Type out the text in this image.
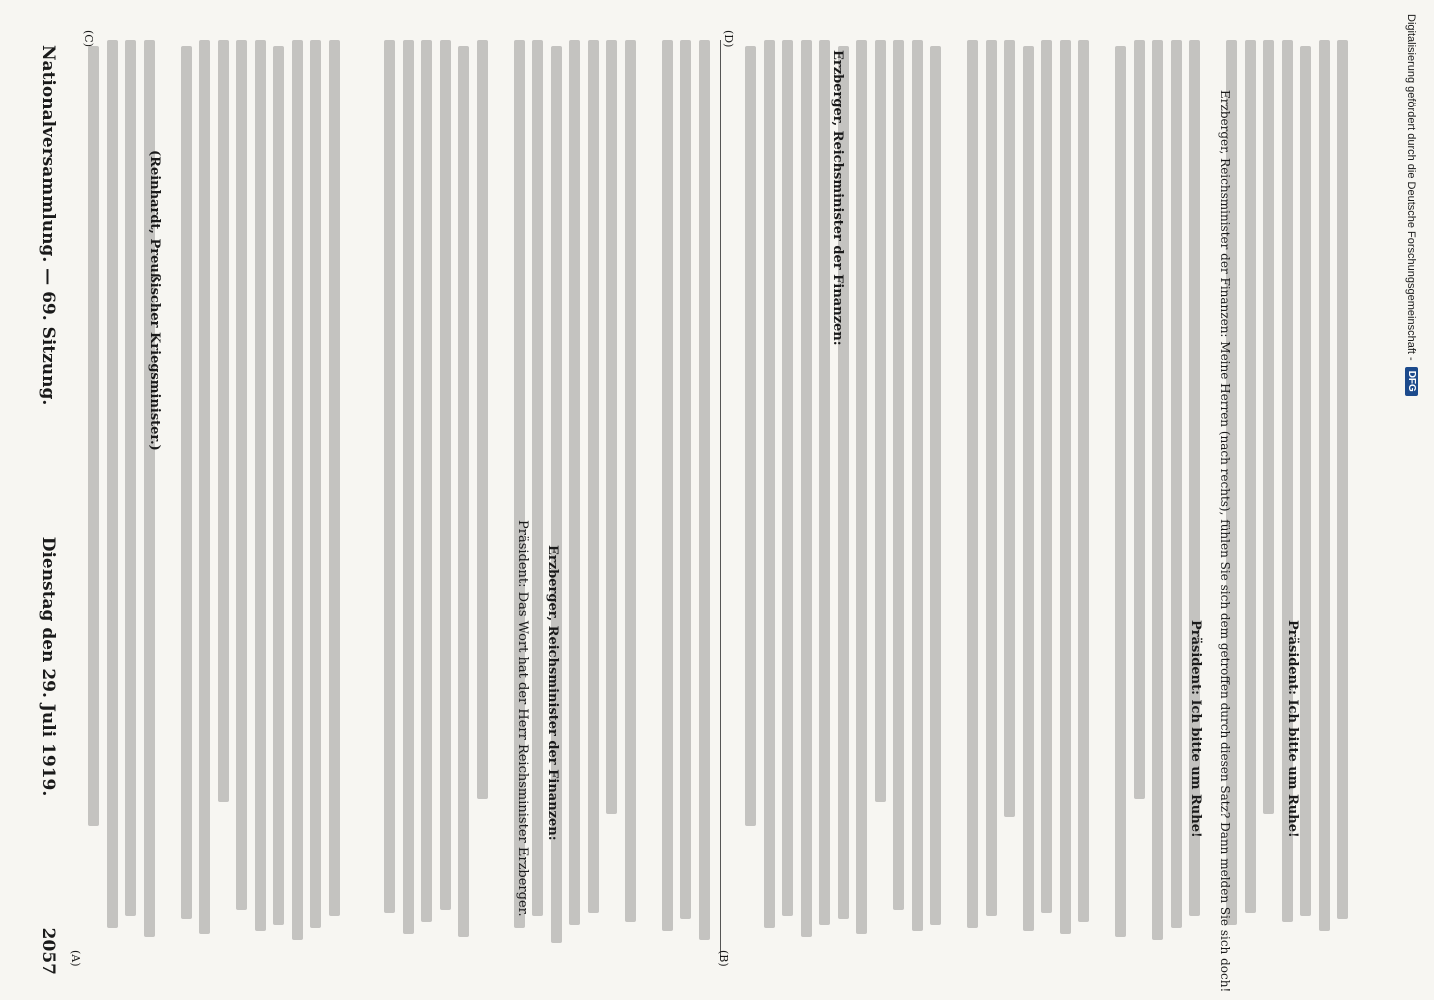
Nationalversammlung. — 69. Sitzung.
Dienstag den 29. Juli 1919.
2057
(Reinhardt, Preußischer Kriegsminister.)
Präsident: Das Wort hat der Herr Reichsminister Erzberger. Erzberger, Reichsminister der Finanzen:
Erzberger, Reichsminister der Finanzen:
Präsident: Ich bitte um Ruhe! Erzberger, Reichsminister der Finanzen: Meine Herren (nach rechts), fühlen Sie sich dem getroffen durch diesen Satz? Dann melden Sie sich doch!	Präsident: Ich bitte um Ruhe!
(A)	(B)
(C)	(D)	Digitalisierung gefördert durch die Deutsche Forschungsgemeinschaft -
DFG
